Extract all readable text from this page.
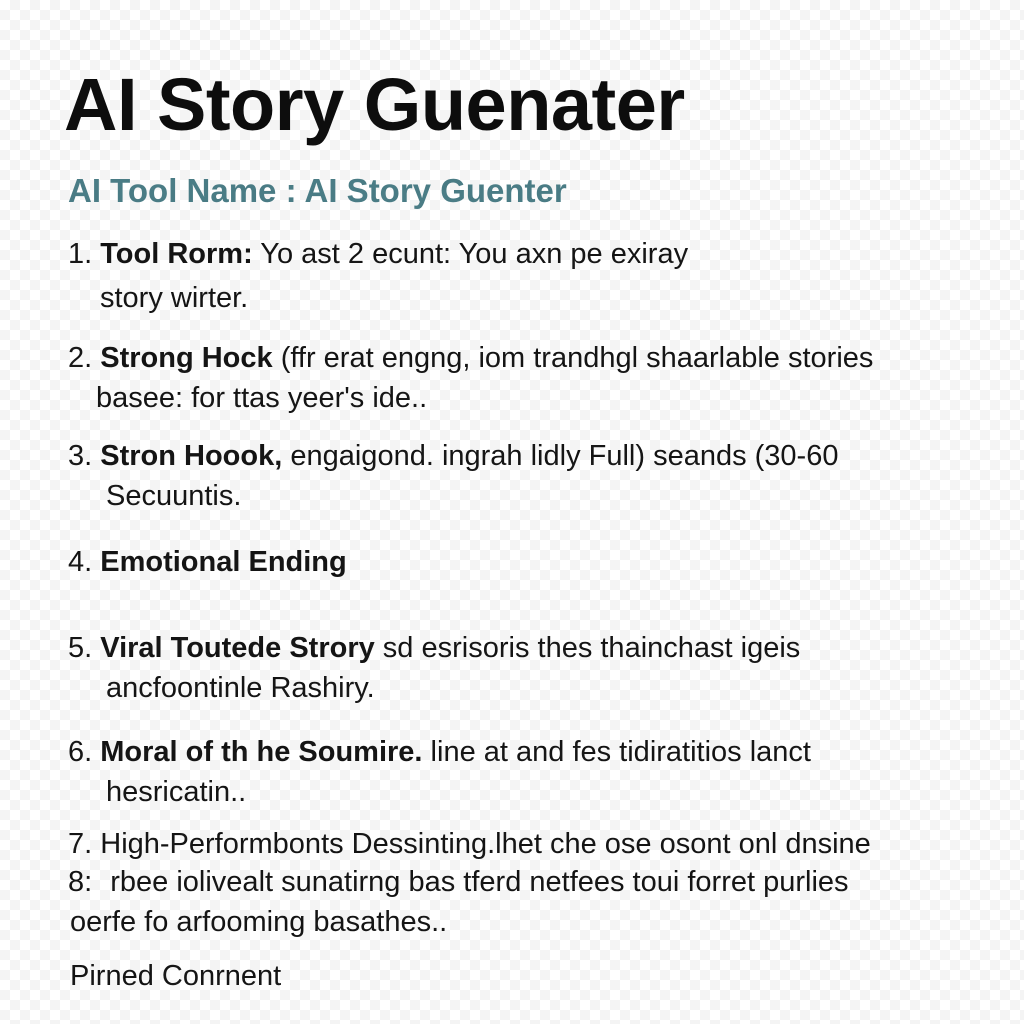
AI Story Guenater
AI Tool Name : AI Story Guenter
1. Tool Rorm: Yo ast 2 ecunt: You axn pe exiray
story wirter.
2. Strong Hock (ffr erat engng, iom trandhgl shaarlable stories
basee: for ttas yeer's ide..
3. Stron Hoook, engaigond. ingrah lidly Full) seands (30-60
Secuuntis.
4. Emotional Ending
5. Viral Toutede Strory sd esrisoris thes thainchast igeis
ancfoontinle Rashiry.
6. Moral of th he Soumire. line at and fes tidiratitios lanct
hesricatin..
7. High-Performbonts Dessinting.lhet che ose osont onl dnsine
8: rbee iolivealt sunatirng bas tferd netfees toui forret purlies
oerfe fo arfooming basathes..
Pirned Conrnent
